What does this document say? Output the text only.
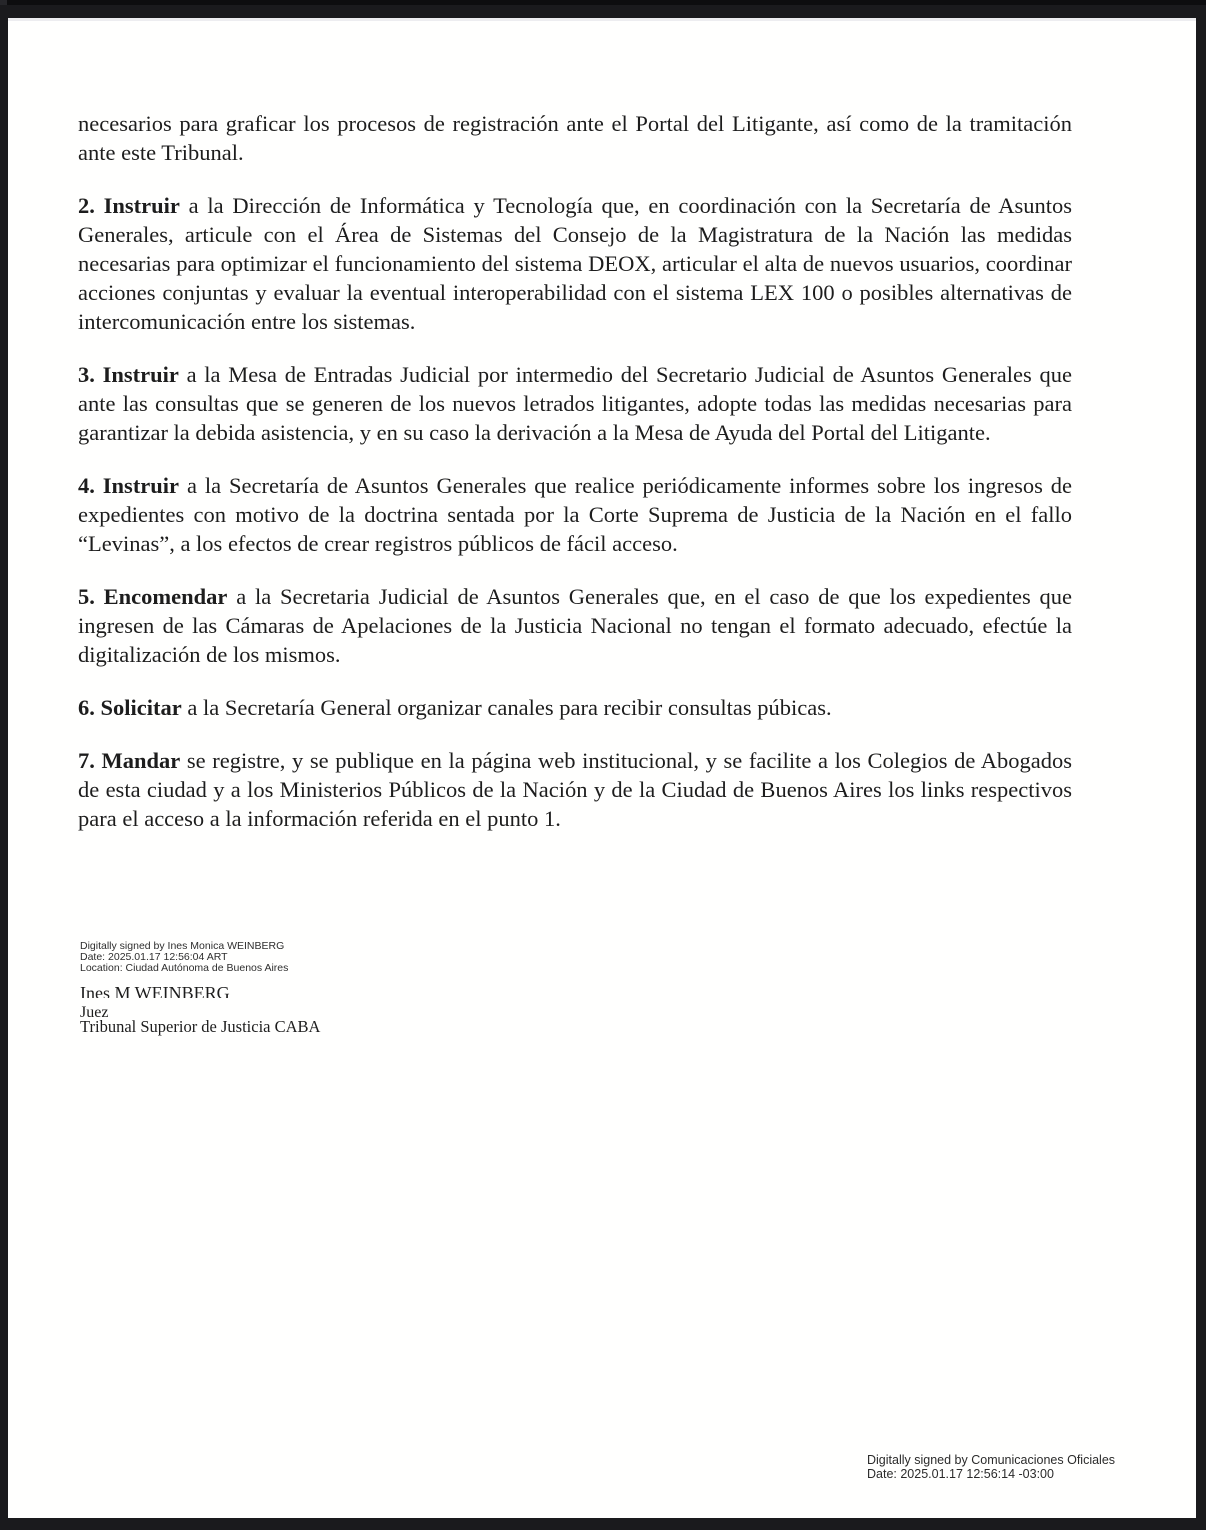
necesarios para graficar los procesos de registración ante el Portal del Litigante, así como de la tramitación ante este Tribunal.

2. Instruir a la Dirección de Informática y Tecnología que, en coordinación con la Secretaría de Asuntos Generales, articule con el Área de Sistemas del Consejo de la Magistratura de la Nación las medidas necesarias para optimizar el funcionamiento del sistema DEOX, articular el alta de nuevos usuarios, coordinar acciones conjuntas y evaluar la eventual interoperabilidad con el sistema LEX 100 o posibles alternativas de intercomunicación entre los sistemas.

3. Instruir a la Mesa de Entradas Judicial por intermedio del Secretario Judicial de Asuntos Generales que ante las consultas que se generen de los nuevos letrados litigantes, adopte todas las medidas necesarias para garantizar la debida asistencia, y en su caso la derivación a la Mesa de Ayuda del Portal del Litigante.

4. Instruir a la Secretaría de Asuntos Generales que realice periódicamente informes sobre los ingresos de expedientes con motivo de la doctrina sentada por la Corte Suprema de Justicia de la Nación en el fallo “Levinas”, a los efectos de crear registros públicos de fácil acceso.

5. Encomendar a la Secretaria Judicial de Asuntos Generales que, en el caso de que los expedientes que ingresen de las Cámaras de Apelaciones de la Justicia Nacional no tengan el formato adecuado, efectúe la digitalización de los mismos.

6. Solicitar a la Secretaría General organizar canales para recibir consultas púbicas.

7. Mandar se registre, y se publique en la página web institucional, y se facilite a los Colegios de Abogados de esta ciudad y a los Ministerios Públicos de la Nación y de la Ciudad de Buenos Aires los links respectivos para el acceso a la información referida en el punto 1.

Digitally signed by Ines Monica WEINBERG
Date: 2025.01.17 12:56:04 ART
Location: Ciudad Autónoma de Buenos Aires
Ines M WEINBERG
Juez
Tribunal Superior de Justicia CABA
Digitally signed by Comunicaciones Oficiales
Date: 2025.01.17 12:56:14 -03:00
